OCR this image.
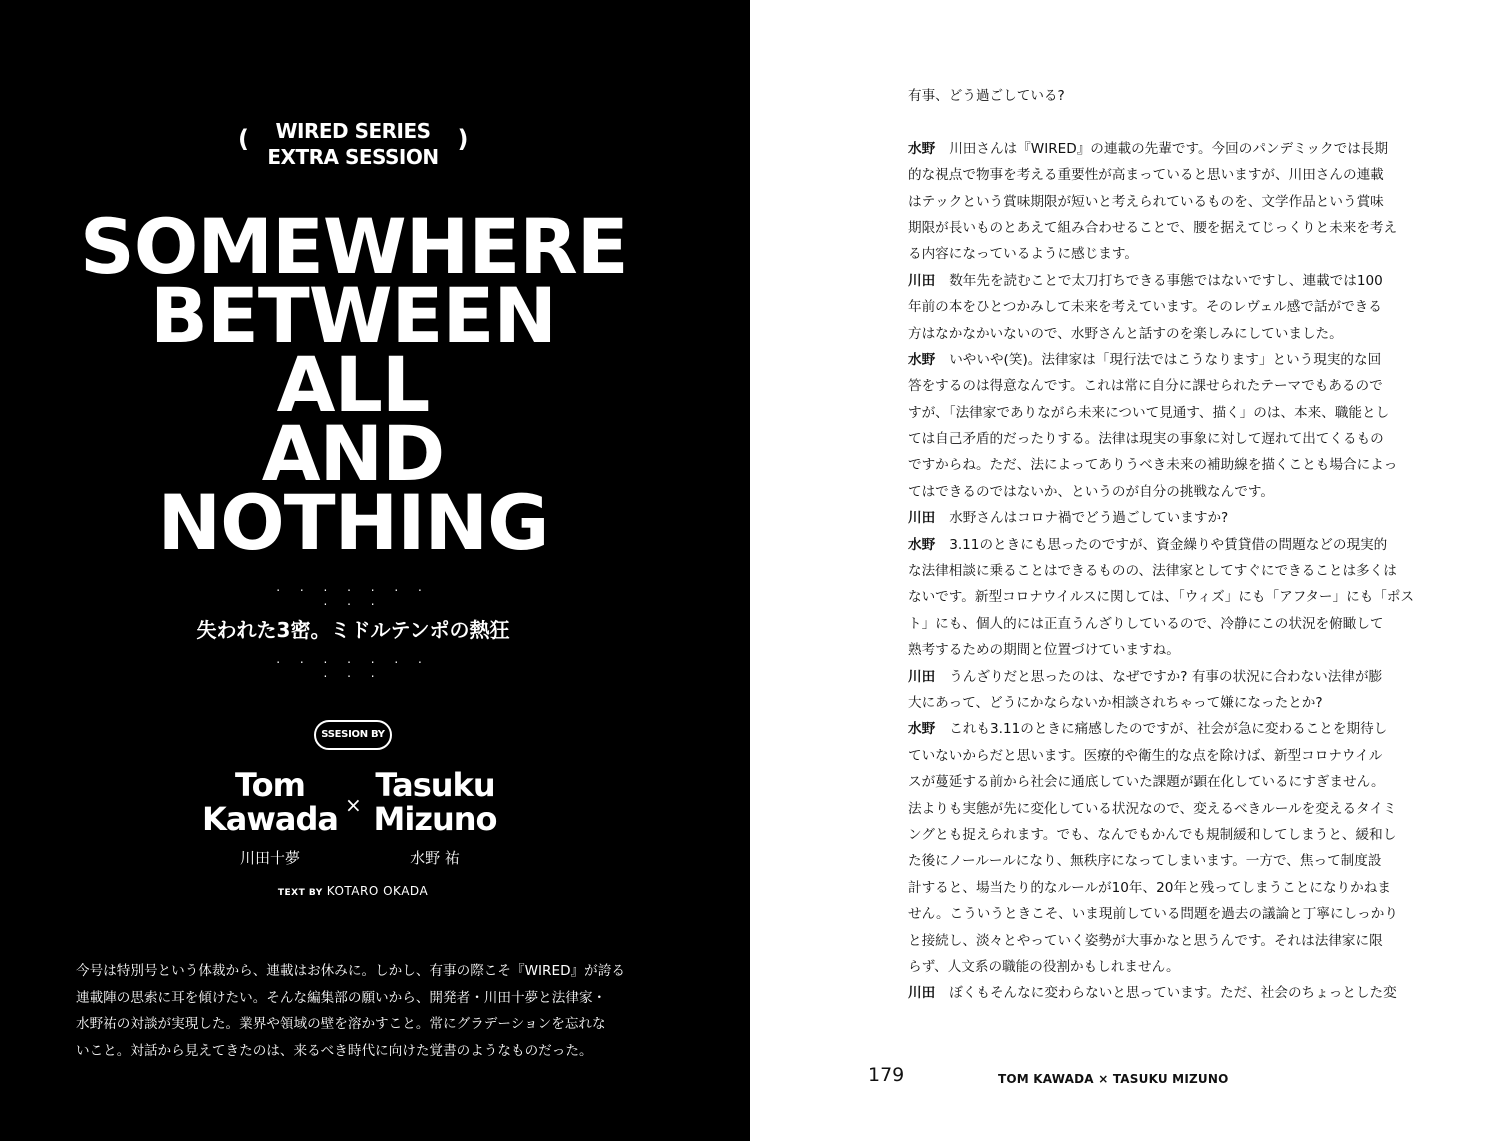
(	WIRED SERIES
EXTRA SESSION
)
SOMEWHERE
BETWEEN
ALL
AND
NOTHING
. . . . . . . . . .
失われた3密。ミドルテンポの熱狂
. . . . . . . . . .
SSESION BY
Tom
Kawada
川田十夢
×
Tasuku
Mizuno
水野 祐
TEXT BY KOTARO OKADA
今号は特別号という体裁から、連載はお休みに。しかし、有事の際こそ『WIRED』が誇る
連載陣の思索に耳を傾けたい。そんな編集部の願いから、開発者・川田十夢と法律家・
水野祐の対談が実現した。業界や領域の壁を溶かすこと。常にグラデーションを忘れな
いこと。対話から見えてきたのは、来るべき時代に向けた覚書のようなものだった。
有事、どう過ごしている?
水野 川田さんは『WIRED』の連載の先輩です。今回のパンデミックでは長期
的な視点で物事を考える重要性が高まっていると思いますが、川田さんの連載
はテックという賞味期限が短いと考えられているものを、文学作品という賞味
期限が長いものとあえて組み合わせることで、腰を据えてじっくりと未来を考え
る内容になっているように感じます。
川田 数年先を読むことで太刀打ちできる事態ではないですし、連載では100
年前の本をひとつかみして未来を考えています。そのレヴェル感で話ができる
方はなかなかいないので、水野さんと話すのを楽しみにしていました。
水野 いやいや(笑)。法律家は「現行法ではこうなります」という現実的な回
答をするのは得意なんです。これは常に自分に課せられたテーマでもあるので
すが、「法律家でありながら未来について見通す、描く」のは、本来、職能とし
ては自己矛盾的だったりする。法律は現実の事象に対して遅れて出てくるもの
ですからね。ただ、法によってありうべき未来の補助線を描くことも場合によっ
てはできるのではないか、というのが自分の挑戦なんです。
川田 水野さんはコロナ禍でどう過ごしていますか?
水野 3.11のときにも思ったのですが、資金繰りや賃貸借の問題などの現実的
な法律相談に乗ることはできるものの、法律家としてすぐにできることは多くは
ないです。新型コロナウイルスに関しては、「ウィズ」にも「アフター」にも「ポス
ト」にも、個人的には正直うんざりしているので、冷静にこの状況を俯瞰して
熟考するための期間と位置づけていますね。
川田 うんざりだと思ったのは、なぜですか? 有事の状況に合わない法律が膨
大にあって、どうにかならないか相談されちゃって嫌になったとか?
水野 これも3.11のときに痛感したのですが、社会が急に変わることを期待し
ていないからだと思います。医療的や衛生的な点を除けば、新型コロナウイル
スが蔓延する前から社会に通底していた課題が顕在化しているにすぎません。
法よりも実態が先に変化している状況なので、変えるべきルールを変えるタイミ
ングとも捉えられます。でも、なんでもかんでも規制緩和してしまうと、緩和し
た後にノールールになり、無秩序になってしまいます。一方で、焦って制度設
計すると、場当たり的なルールが10年、20年と残ってしまうことになりかねま
せん。こういうときこそ、いま現前している問題を過去の議論と丁寧にしっかり
と接続し、淡々とやっていく姿勢が大事かなと思うんです。それは法律家に限
らず、人文系の職能の役割かもしれません。
川田 ぼくもそんなに変わらないと思っています。ただ、社会のちょっとした変
179	TOM KAWADA × TASUKU MIZUNO
